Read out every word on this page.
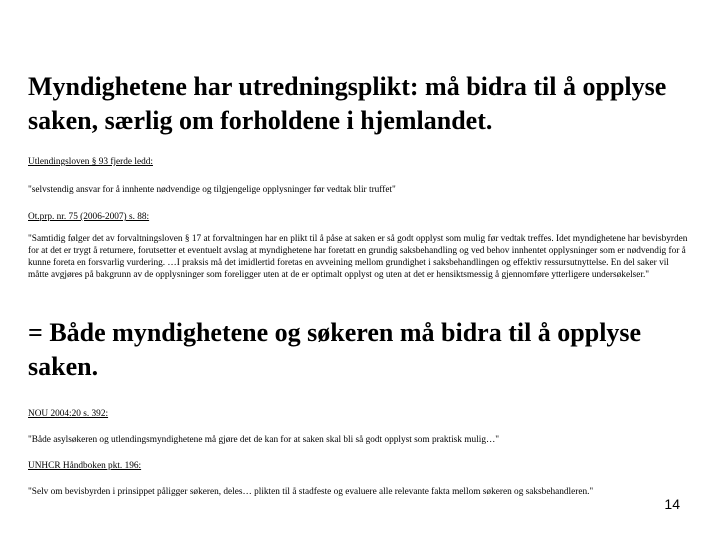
Myndighetene har utredningsplikt: må bidra til å opplyse saken, særlig om forholdene i hjemlandet.

Utlendingsloven § 93 fjerde ledd:

"selvstendig ansvar for å innhente nødvendige og tilgjengelige opplysninger før vedtak blir truffet"

Ot.prp. nr. 75 (2006-2007) s. 88:

"Samtidig følger det av forvaltningsloven § 17 at forvaltningen har en plikt til å påse at saken er så godt opplyst som mulig før vedtak treffes. Idet myndighetene har bevisbyrden for at det er trygt å returnere, forutsetter et eventuelt avslag at myndighetene har foretatt en grundig saksbehandling og ved behov innhentet opplysninger som er nødvendig for å kunne foreta en forsvarlig vurdering. …I praksis må det imidlertid foretas en avveining mellom grundighet i saksbehandlingen og effektiv ressursutnyttelse. En del saker vil måtte avgjøres på bakgrunn av de opplysninger som foreligger uten at de er optimalt opplyst og uten at det er hensiktsmessig å gjennomføre ytterligere undersøkelser."

= Både myndighetene og søkeren må bidra til å opplyse saken.

NOU 2004:20 s. 392:

"Både asylsøkeren og utlendingsmyndighetene må gjøre det de kan for at saken skal bli så godt opplyst som praktisk mulig…"

UNHCR Håndboken pkt. 196:

"Selv om bevisbyrden i prinsippet påligger søkeren, deles… plikten til å stadfeste og evaluere alle relevante fakta mellom søkeren og saksbehandleren."

14
